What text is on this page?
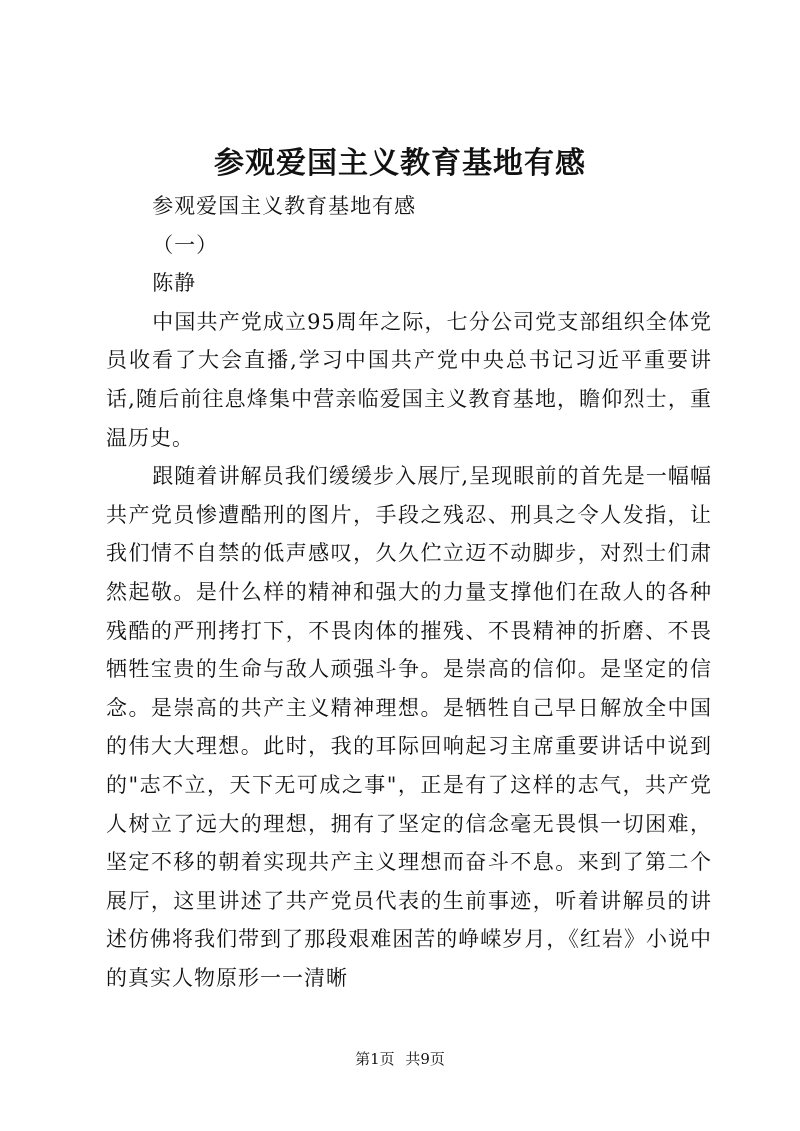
参观爱国主义教育基地有感

参观爱国主义教育基地有感

（一）

陈静

中国共产党成立95周年之际，七分公司党支部组织全体党员收看了大会直播,学习中国共产党中央总书记习近平重要讲话,随后前往息烽集中营亲临爱国主义教育基地，瞻仰烈士，重温历史。

跟随着讲解员我们缓缓步入展厅,呈现眼前的首先是一幅幅共产党员惨遭酷刑的图片，手段之残忍、刑具之令人发指，让我们情不自禁的低声感叹，久久伫立迈不动脚步，对烈士们肃然起敬。是什么样的精神和强大的力量支撑他们在敌人的各种残酷的严刑拷打下，不畏肉体的摧残、不畏精神的折磨、不畏牺牲宝贵的生命与敌人顽强斗争。是崇高的信仰。是坚定的信念。是崇高的共产主义精神理想。是牺牲自己早日解放全中国的伟大大理想。此时，我的耳际回响起习主席重要讲话中说到的"志不立，天下无可成之事"，正是有了这样的志气，共产党人树立了远大的理想，拥有了坚定的信念毫无畏惧一切困难，坚定不移的朝着实现共产主义理想而奋斗不息。来到了第二个展厅，这里讲述了共产党员代表的生前事迹，听着讲解员的讲述仿佛将我们带到了那段艰难困苦的峥嵘岁月，《红岩》小说中的真实人物原形一一清晰

第1页 共9页
